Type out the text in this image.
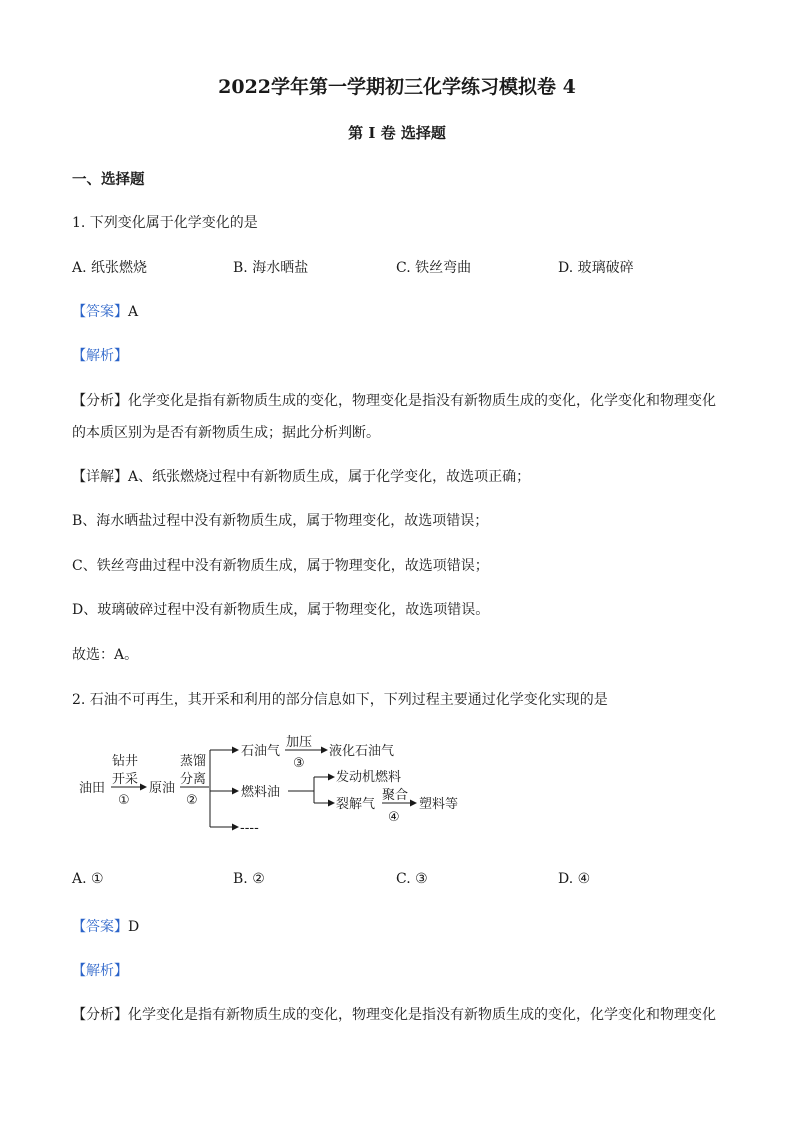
2022学年第一学期初三化学练习模拟卷 4
第 I 卷 选择题
一、选择题
1. 下列变化属于化学变化的是
A. 纸张燃烧	B. 海水晒盐	C. 铁丝弯曲	D. 玻璃破碎
【答案】A
【解析】
【分析】化学变化是指有新物质生成的变化，物理变化是指没有新物质生成的变化，化学变化和物理变化
的本质区别为是否有新物质生成；据此分析判断。
【详解】A、纸张燃烧过程中有新物质生成，属于化学变化，故选项正确；
B、海水晒盐过程中没有新物质生成，属于物理变化，故选项错误；
C、铁丝弯曲过程中没有新物质生成，属于物理变化，故选项错误；
D、玻璃破碎过程中没有新物质生成，属于物理变化，故选项错误。
故选：A。
2. 石油不可再生，其开采和利用的部分信息如下，下列过程主要通过化学变化实现的是
油田
钻井
开采
①
原油
蒸馏
分离
②
石油气
加压
③
液化石油气
燃料油
发动机燃料
裂解气
聚合
④
塑料等
----
A. ①	B. ②	C. ③	D. ④
【答案】D
【解析】
【分析】化学变化是指有新物质生成的变化，物理变化是指没有新物质生成的变化，化学变化和物理变化
